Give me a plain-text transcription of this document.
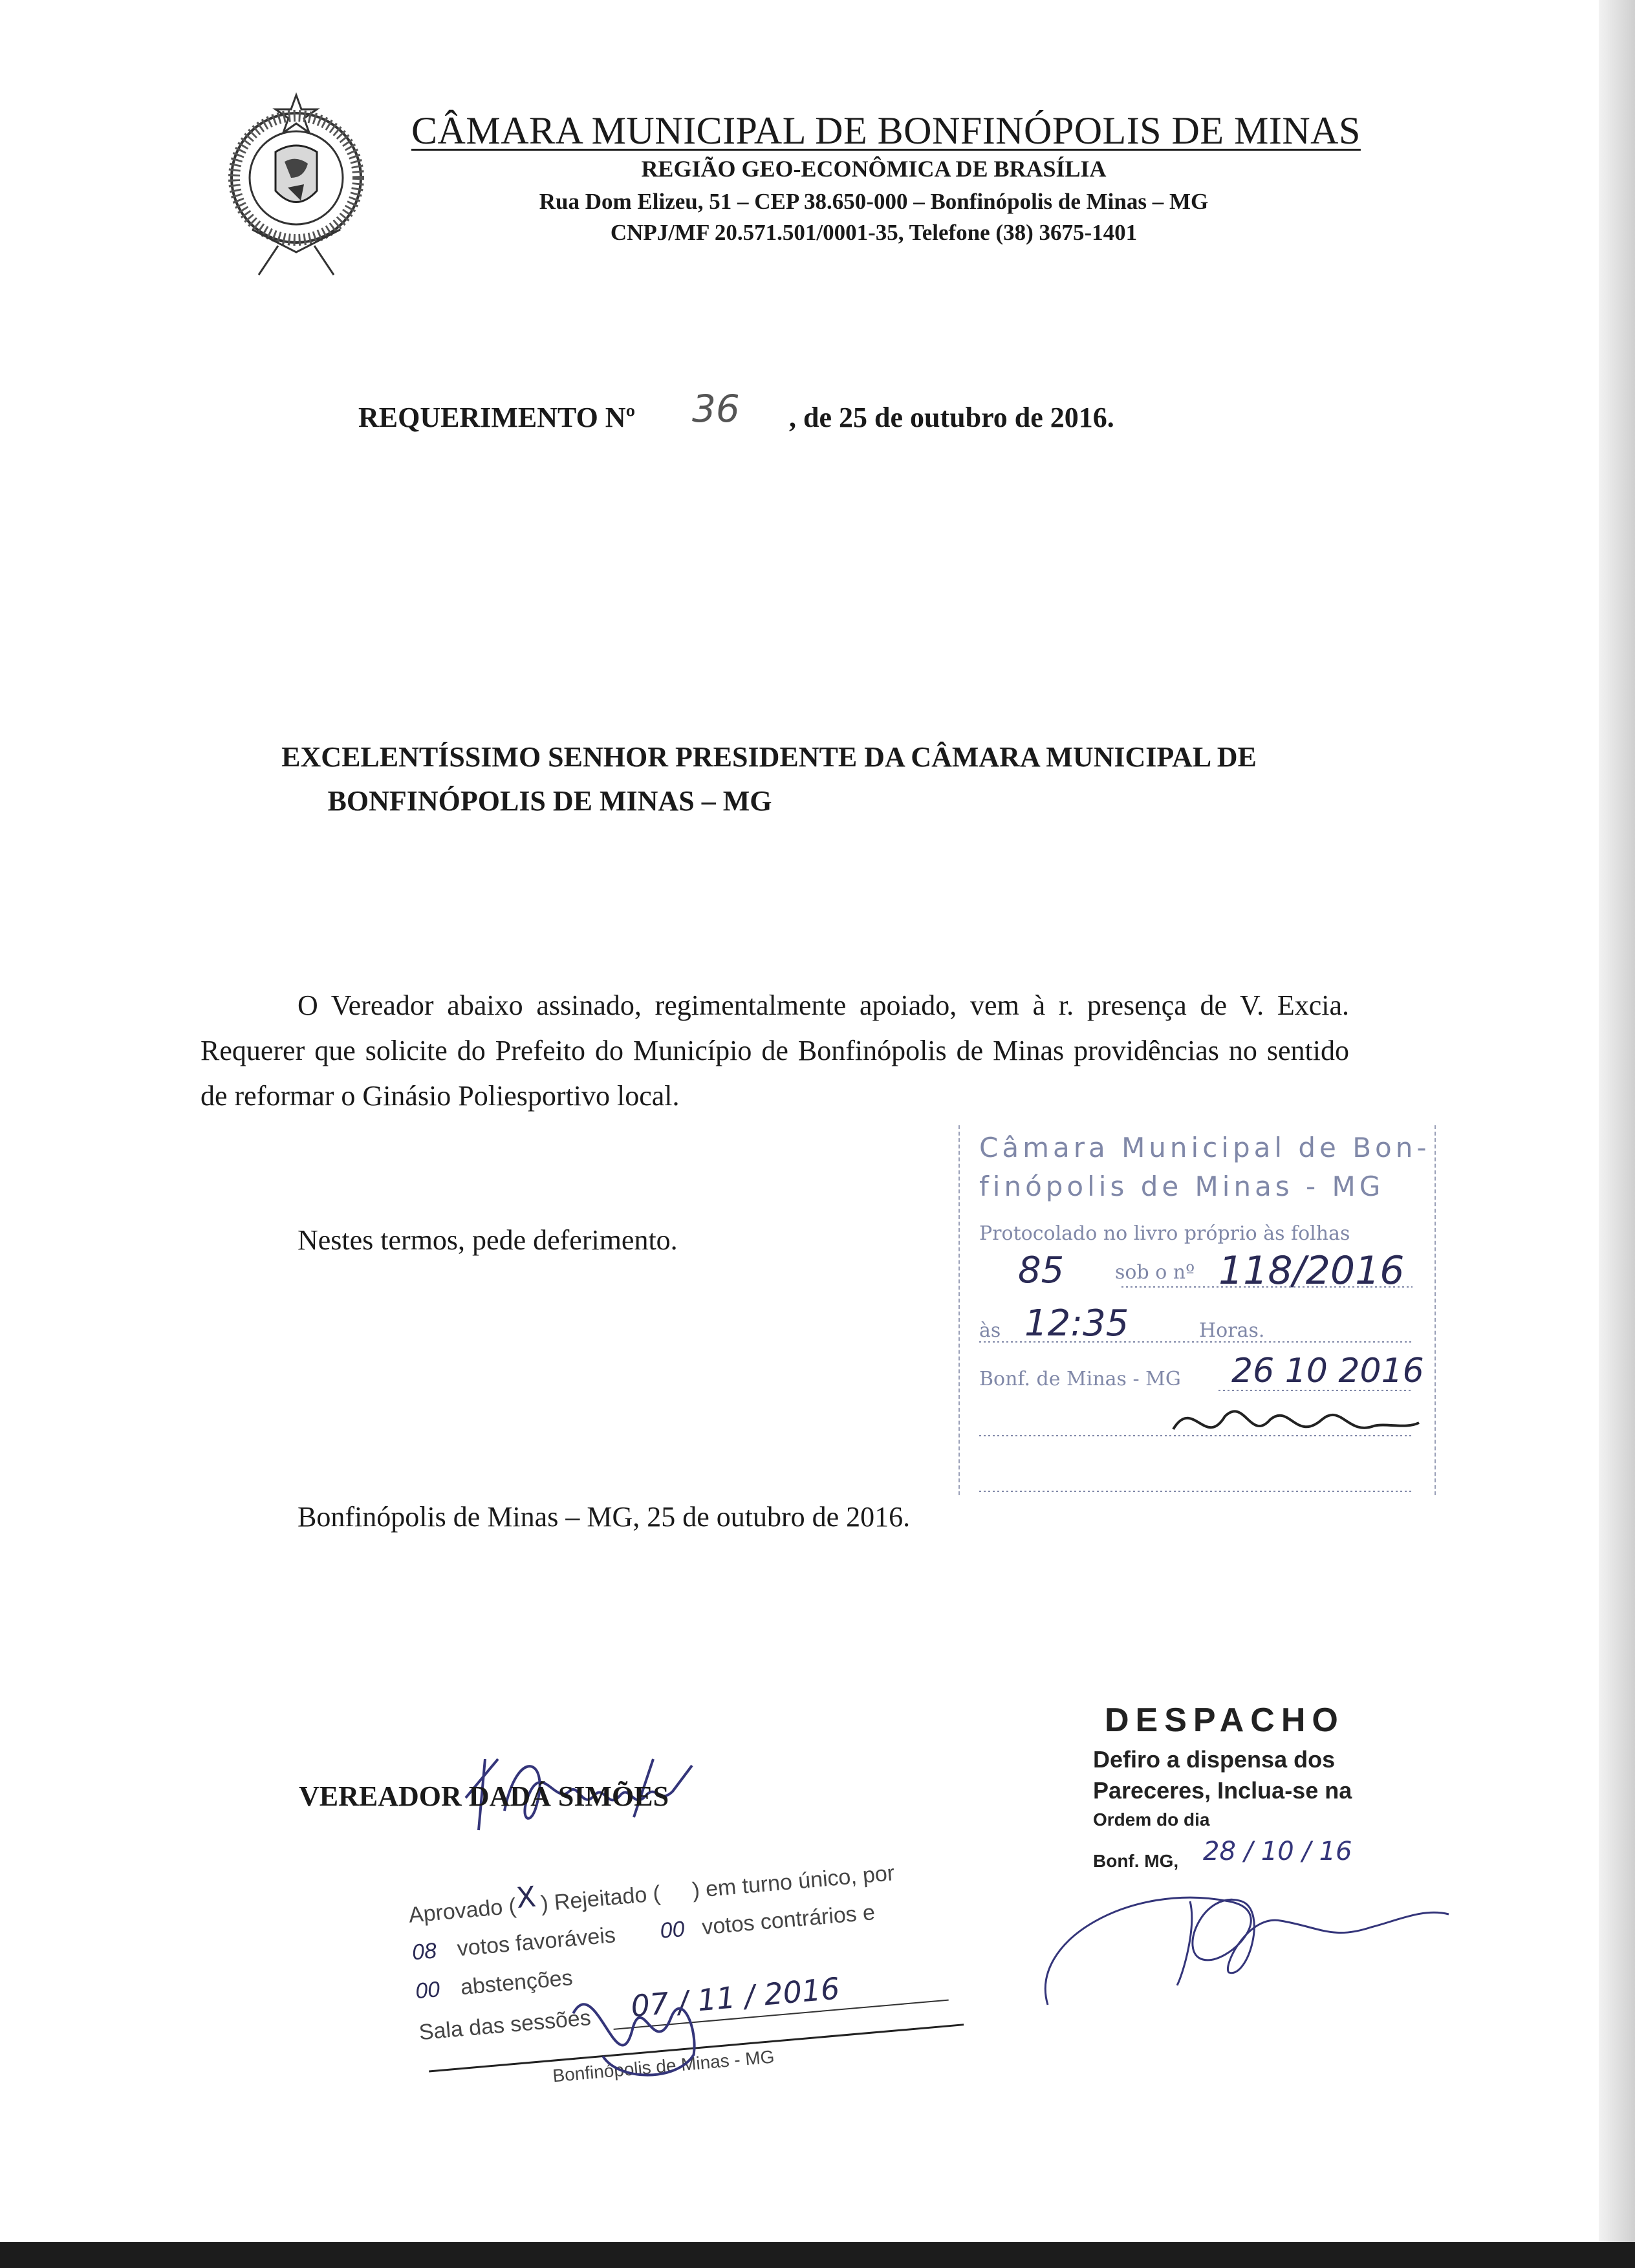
CÂMARA MUNICIPAL DE BONFINÓPOLIS DE MINAS
REGIÃO GEO-ECONÔMICA DE BRASÍLIA
Rua Dom Elizeu, 51 – CEP 38.650-000 – Bonfinópolis de Minas – MG
CNPJ/MF 20.571.501/0001-35, Telefone (38) 3675-1401
REQUERIMENTO Nº 36 , de 25 de outubro de 2016.
EXCELENTÍSSIMO SENHOR PRESIDENTE DA CÂMARA MUNICIPAL DE
BONFINÓPOLIS DE MINAS – MG
O Vereador abaixo assinado, regimentalmente apoiado, vem à r. presença de V. Excia. Requerer que solicite do Prefeito do Município de Bonfinópolis de Minas providências no sentido de reformar o Ginásio Poliesportivo local.
Nestes termos, pede deferimento.
Bonfinópolis de Minas – MG, 25 de outubro de 2016.
Câmara Municipal de Bon-
finópolis de Minas - MG
Protocolado no livro próprio às folhas
85	sob o nº 118/2016
às 12:35	Horas.
Bonf. de Minas - MG 26 10 2016
VEREADOR DADÁ SIMÕES
DESPACHO
Defiro a dispensa dos
Pareceres, Inclua-se na
Ordem do dia
Bonf. MG, 28 / 10 / 16
Aprovado (
X ) Rejeitado ( ) em turno único, por
08 votos favoráveis 00 votos contrários e
00 abstenções
Sala das sessões
07 / 11 / 2016
Bonfinópolis de Minas - MG
